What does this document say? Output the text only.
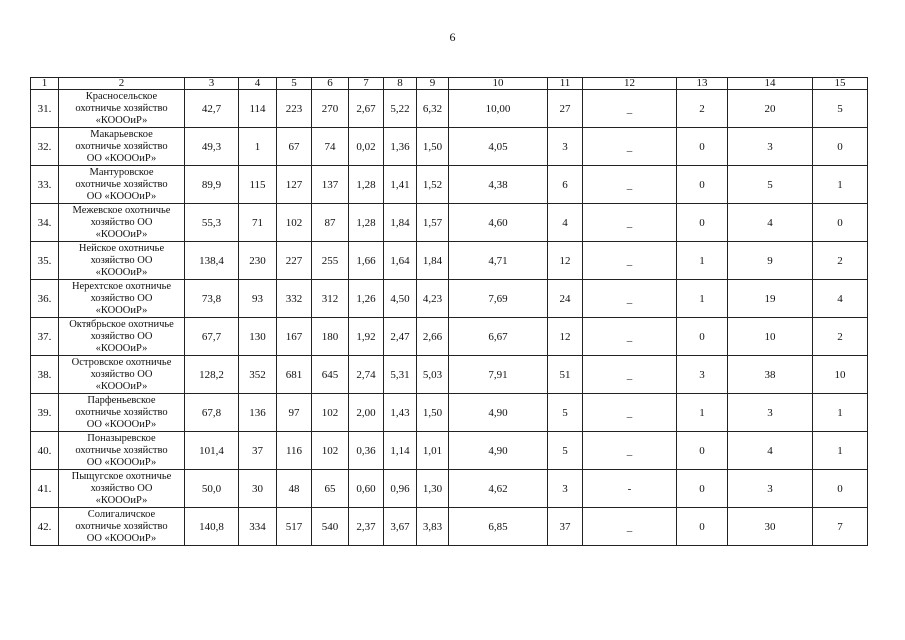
6
1	2	3	4	5	6	7	8	9	10	11	12	13	14	15
31.	Красносельское
охотничье хозяйство
«КОООиР»	42,7	114	223	270	2,67	5,22	6,32	10,00	27	_	2	20	5
32.	Макарьевское
охотничье хозяйство
ОО «КОООиР»	49,3	1	67	74	0,02	1,36	1,50	4,05	3	_	0	3	0
33.	Мантуровское
охотничье хозяйство
ОО «КОООиР»	89,9	115	127	137	1,28	1,41	1,52	4,38	6	_	0	5	1
34.	Межевское охотничье
хозяйство ОО
«КОООиР»	55,3	71	102	87	1,28	1,84	1,57	4,60	4	_	0	4	0
35.	Нейское охотничье
хозяйство ОО
«КОООиР»	138,4	230	227	255	1,66	1,64	1,84	4,71	12	_	1	9	2
36.	Нерехтское охотничье
хозяйство ОО
«КОООиР»	73,8	93	332	312	1,26	4,50	4,23	7,69	24	_	1	19	4
37.	Октябрьское охотничье
хозяйство ОО
«КОООиР»	67,7	130	167	180	1,92	2,47	2,66	6,67	12	_	0	10	2
38.	Островское охотничье
хозяйство ОО
«КОООиР»	128,2	352	681	645	2,74	5,31	5,03	7,91	51	_	3	38	10
39.	Парфеньевское
охотничье хозяйство
ОО «КОООиР»	67,8	136	97	102	2,00	1,43	1,50	4,90	5	_	1	3	1
40.	Поназыревское
охотничье хозяйство
ОО «КОООиР»	101,4	37	116	102	0,36	1,14	1,01	4,90	5	_	0	4	1
41.	Пыщугское охотничье
хозяйство ОО
«КОООиР»	50,0	30	48	65	0,60	0,96	1,30	4,62	3	-	0	3	0
42.	Солигаличское
охотничье хозяйство
ОО «КОООиР»	140,8	334	517	540	2,37	3,67	3,83	6,85	37	_	0	30	7
